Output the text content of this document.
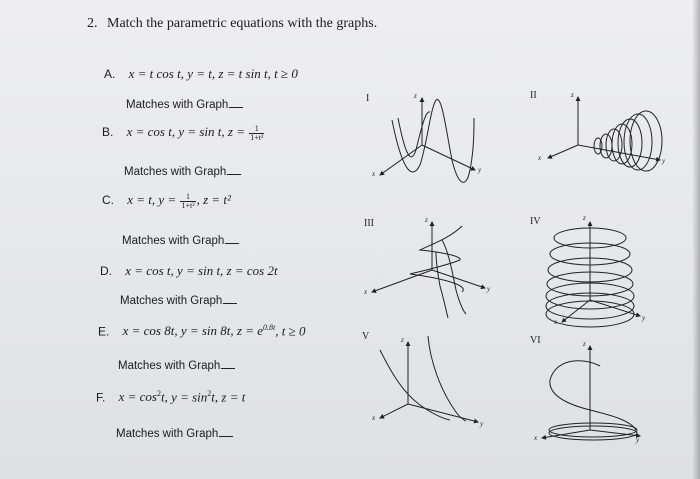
2. Match the parametric equations with the graphs.
A. x = t cos t, y = t, z = t sin t, t ≥ 0
Matches with Graph
B. x = cos t, y = sin t, $z = \frac{1}{\text{1+t²}}$
Matches with Graph
C. x = t, $y = \frac{1}{\text{1+t²}}$ , z = t²
Matches with Graph
D. x = cos t, y = sin t, z = cos 2t
Matches with Graph
E. x = cos 8t, y = sin 8t, $z = e^{0.8t}$, t ≥ 0
Matches with Graph
F. $x = \cos^2t$, $y = \sin^2t$, z = t
Matches with Graph
I	II
III	IV
V	VI
z
x	y
z
x	y
z
x	y
z
x	y
z
x
y
z
x	y
